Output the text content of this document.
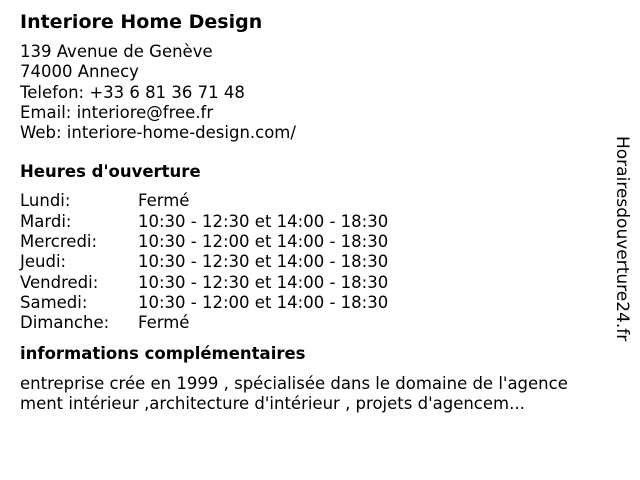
Interiore Home Design
139 Avenue de Genève
74000 Annecy
Telefon: +33 6 81 36 71 48
Email: interiore@free.fr
Web: interiore-home-design.com/
Heures d'ouverture
Lundi:	Fermé
Mardi:	10:30 - 12:30 et 14:00 - 18:30
Mercredi:	10:30 - 12:00 et 14:00 - 18:30
Jeudi:	10:30 - 12:30 et 14:00 - 18:30
Vendredi:	10:30 - 12:30 et 14:00 - 18:30
Samedi:	10:30 - 12:00 et 14:00 - 18:30
Dimanche:	Fermé
informations complémentaires
entreprise crée en 1999 , spécialisée dans le domaine de l'agence
ment intérieur ,architecture d'intérieur , projets d'agencem...
Horairesdouverture24.fr
